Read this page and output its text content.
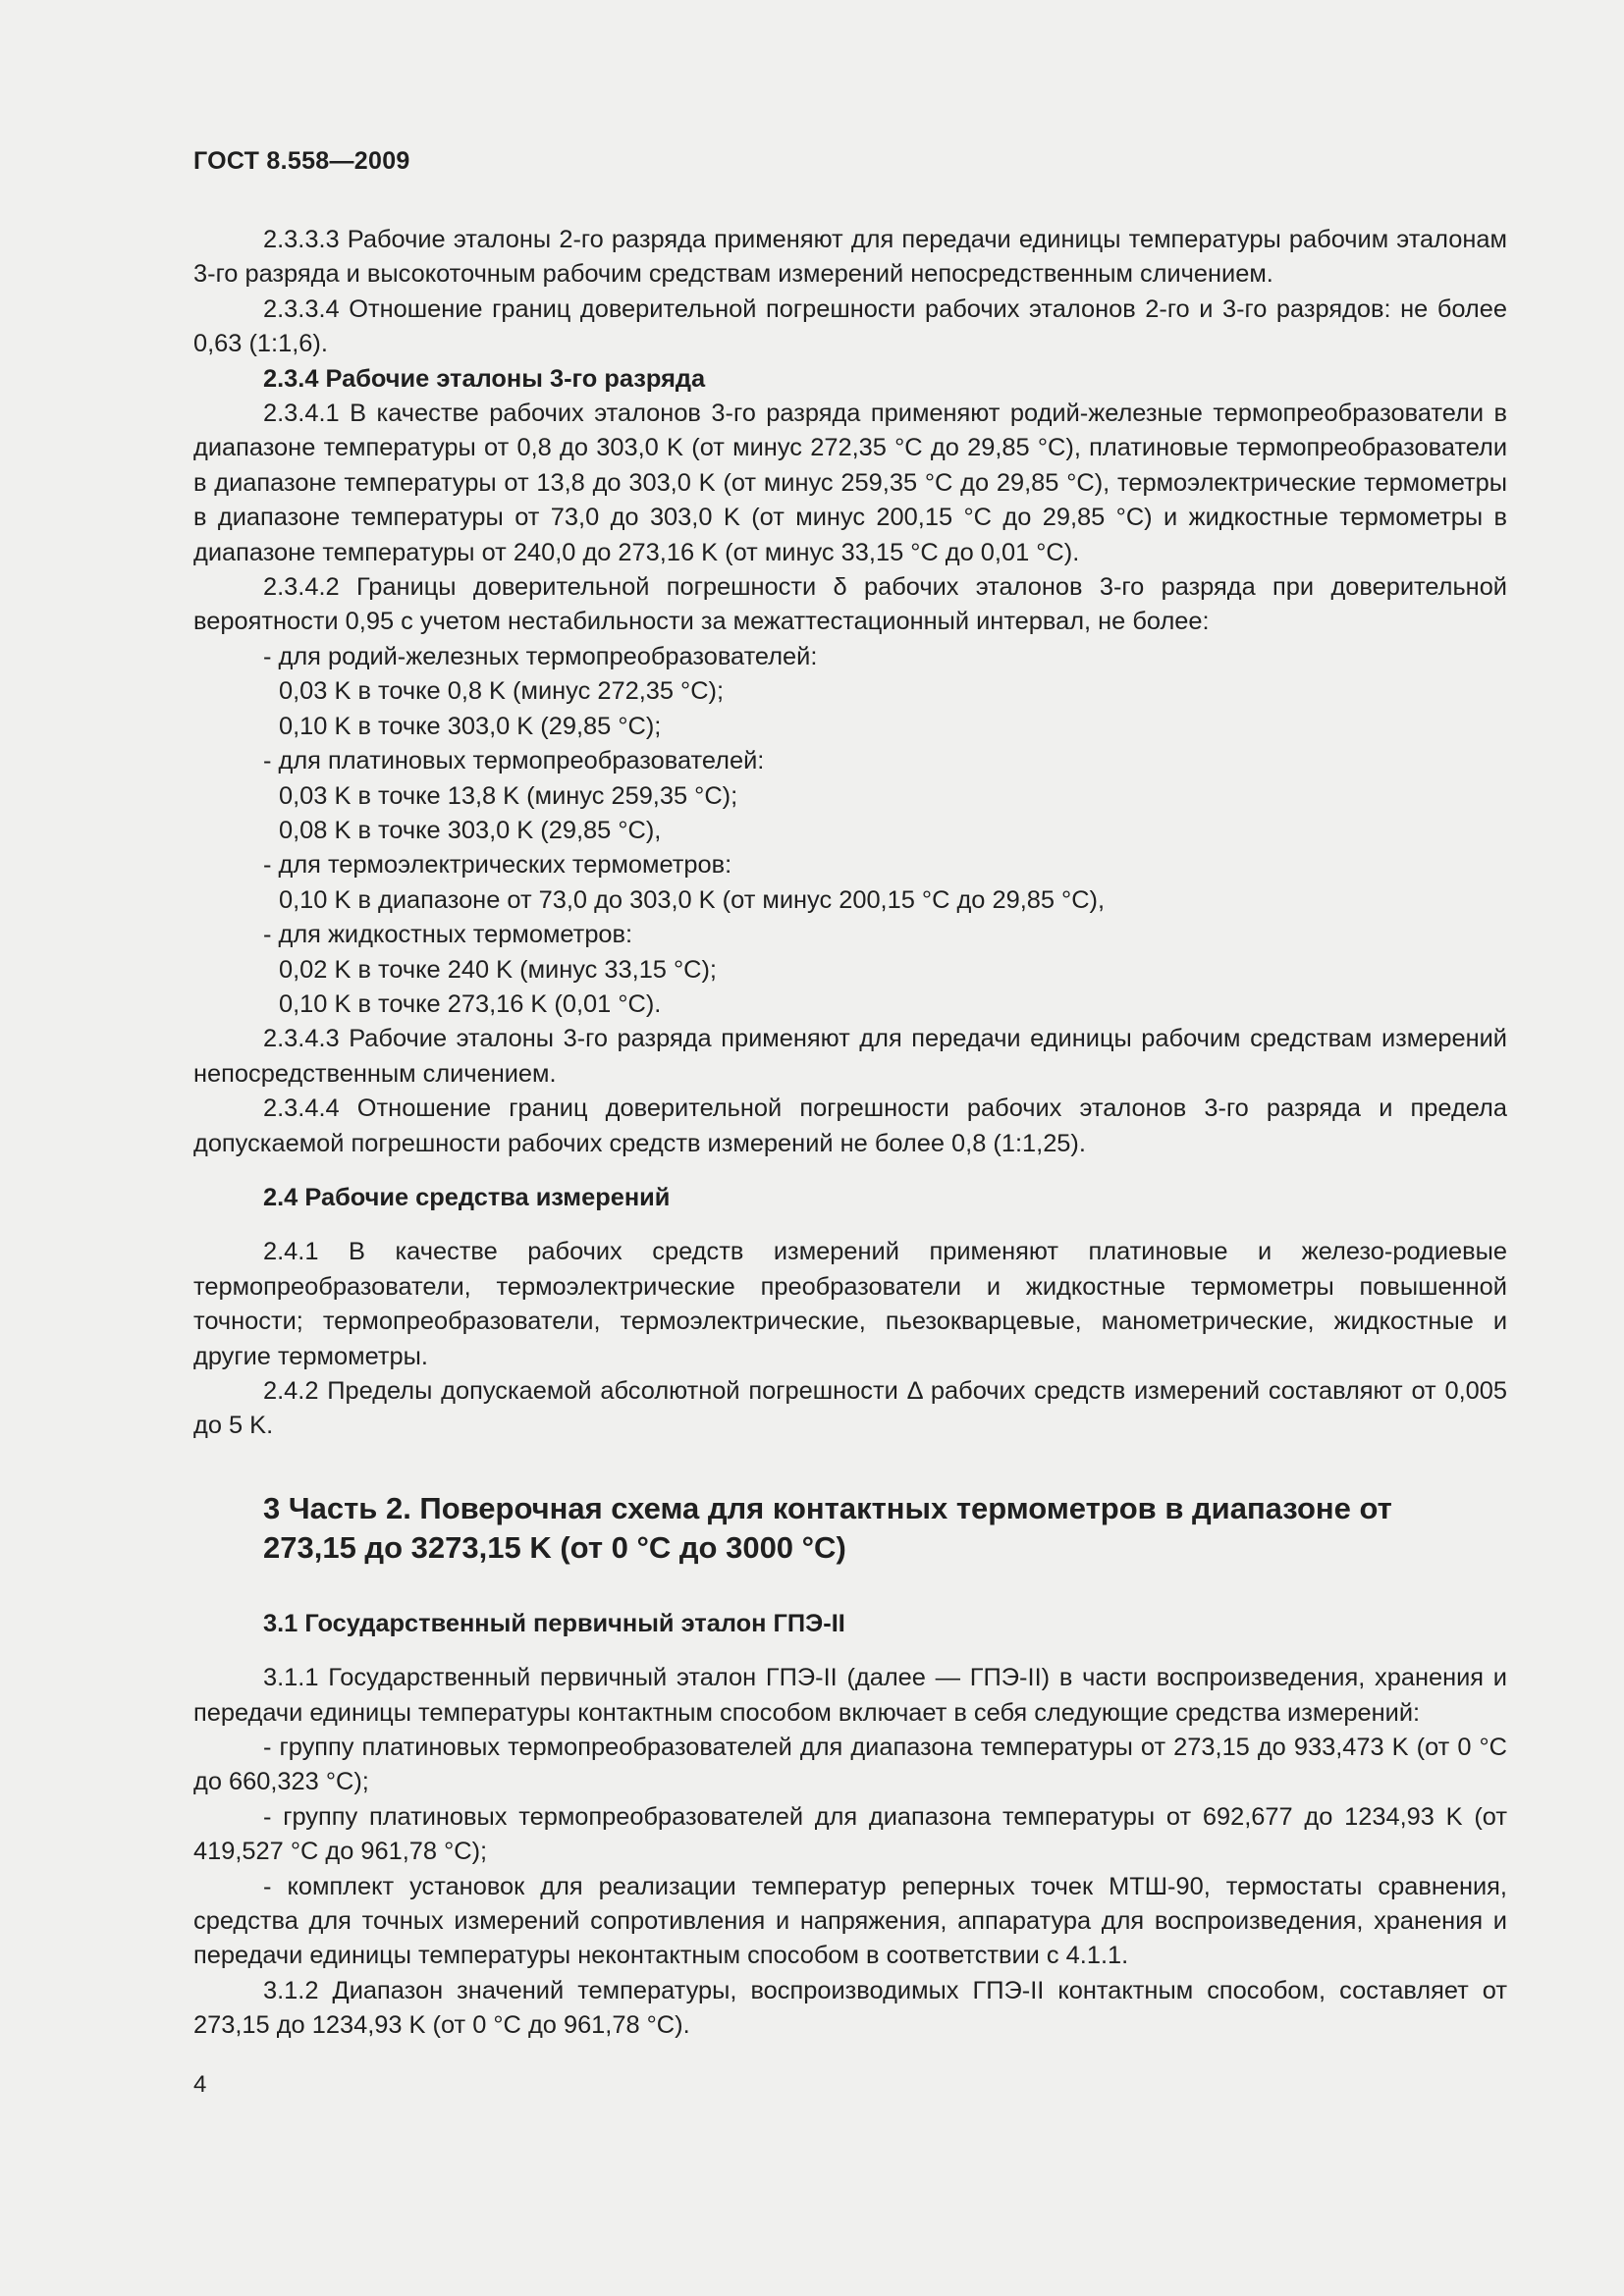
ГОСТ 8.558—2009
2.3.3.3 Рабочие эталоны 2-го разряда применяют для передачи единицы температуры рабочим эталонам 3-го разряда и высокоточным рабочим средствам измерений непосредственным сличением.
2.3.3.4 Отношение границ доверительной погрешности рабочих эталонов 2-го и 3-го разрядов: не более 0,63 (1:1,6).
2.3.4 Рабочие эталоны 3-го разряда
2.3.4.1 В качестве рабочих эталонов 3-го разряда применяют родий-железные термопреобразователи в диапазоне температуры от 0,8 до 303,0 K (от минус 272,35 °С до 29,85 °С), платиновые термопреобразователи в диапазоне температуры от 13,8 до 303,0 K (от минус 259,35 °С до 29,85 °С), термоэлектрические термометры в диапазоне температуры от 73,0 до 303,0 K (от минус 200,15 °С до 29,85 °С) и жидкостные термометры в диапазоне температуры от 240,0 до 273,16 K (от минус 33,15 °С до 0,01 °С).
2.3.4.2 Границы доверительной погрешности δ рабочих эталонов 3-го разряда при доверительной вероятности 0,95 с учетом нестабильности за межаттестационный интервал, не более:
- для родий-железных термопреобразователей:
0,03 K в точке 0,8 K (минус 272,35 °С);
0,10 K в точке 303,0 K (29,85 °С);
- для платиновых термопреобразователей:
0,03 K в точке 13,8 K (минус 259,35 °С);
0,08 K в точке 303,0 K (29,85 °С),
- для термоэлектрических термометров:
0,10 K в диапазоне от 73,0 до 303,0 K (от минус 200,15 °С до 29,85 °С),
- для жидкостных термометров:
0,02 K в точке 240 K (минус 33,15 °С);
0,10 K в точке 273,16 K (0,01 °С).
2.3.4.3 Рабочие эталоны 3-го разряда применяют для передачи единицы рабочим средствам измерений непосредственным сличением.
2.3.4.4 Отношение границ доверительной погрешности рабочих эталонов 3-го разряда и предела допускаемой погрешности рабочих средств измерений не более 0,8 (1:1,25).
2.4 Рабочие средства измерений
2.4.1 В качестве рабочих средств измерений применяют платиновые и железо-родиевые термопреобразователи, термоэлектрические преобразователи и жидкостные термометры повышенной точности; термопреобразователи, термоэлектрические, пьезокварцевые, манометрические, жидкостные и другие термометры.
2.4.2 Пределы допускаемой абсолютной погрешности Δ рабочих средств измерений составляют от 0,005 до 5 K.
3 Часть 2. Поверочная схема для контактных термометров в диапазоне от 273,15 до 3273,15 K (от 0 °С до 3000 °С)
3.1 Государственный первичный эталон ГПЭ-II
3.1.1 Государственный первичный эталон ГПЭ-II (далее — ГПЭ-II) в части воспроизведения, хранения и передачи единицы температуры контактным способом включает в себя следующие средства измерений:
- группу платиновых термопреобразователей для диапазона температуры от 273,15 до 933,473 K (от 0 °С до 660,323 °С);
- группу платиновых термопреобразователей для диапазона температуры от 692,677 до 1234,93 K (от 419,527 °С до 961,78 °С);
- комплект установок для реализации температур реперных точек МТШ-90, термостаты сравнения, средства для точных измерений сопротивления и напряжения, аппаратура для воспроизведения, хранения и передачи единицы температуры неконтактным способом в соответствии с 4.1.1.
3.1.2 Диапазон значений температуры, воспроизводимых ГПЭ-II контактным способом, составляет от 273,15 до 1234,93 K (от 0 °С до 961,78 °С).
4
